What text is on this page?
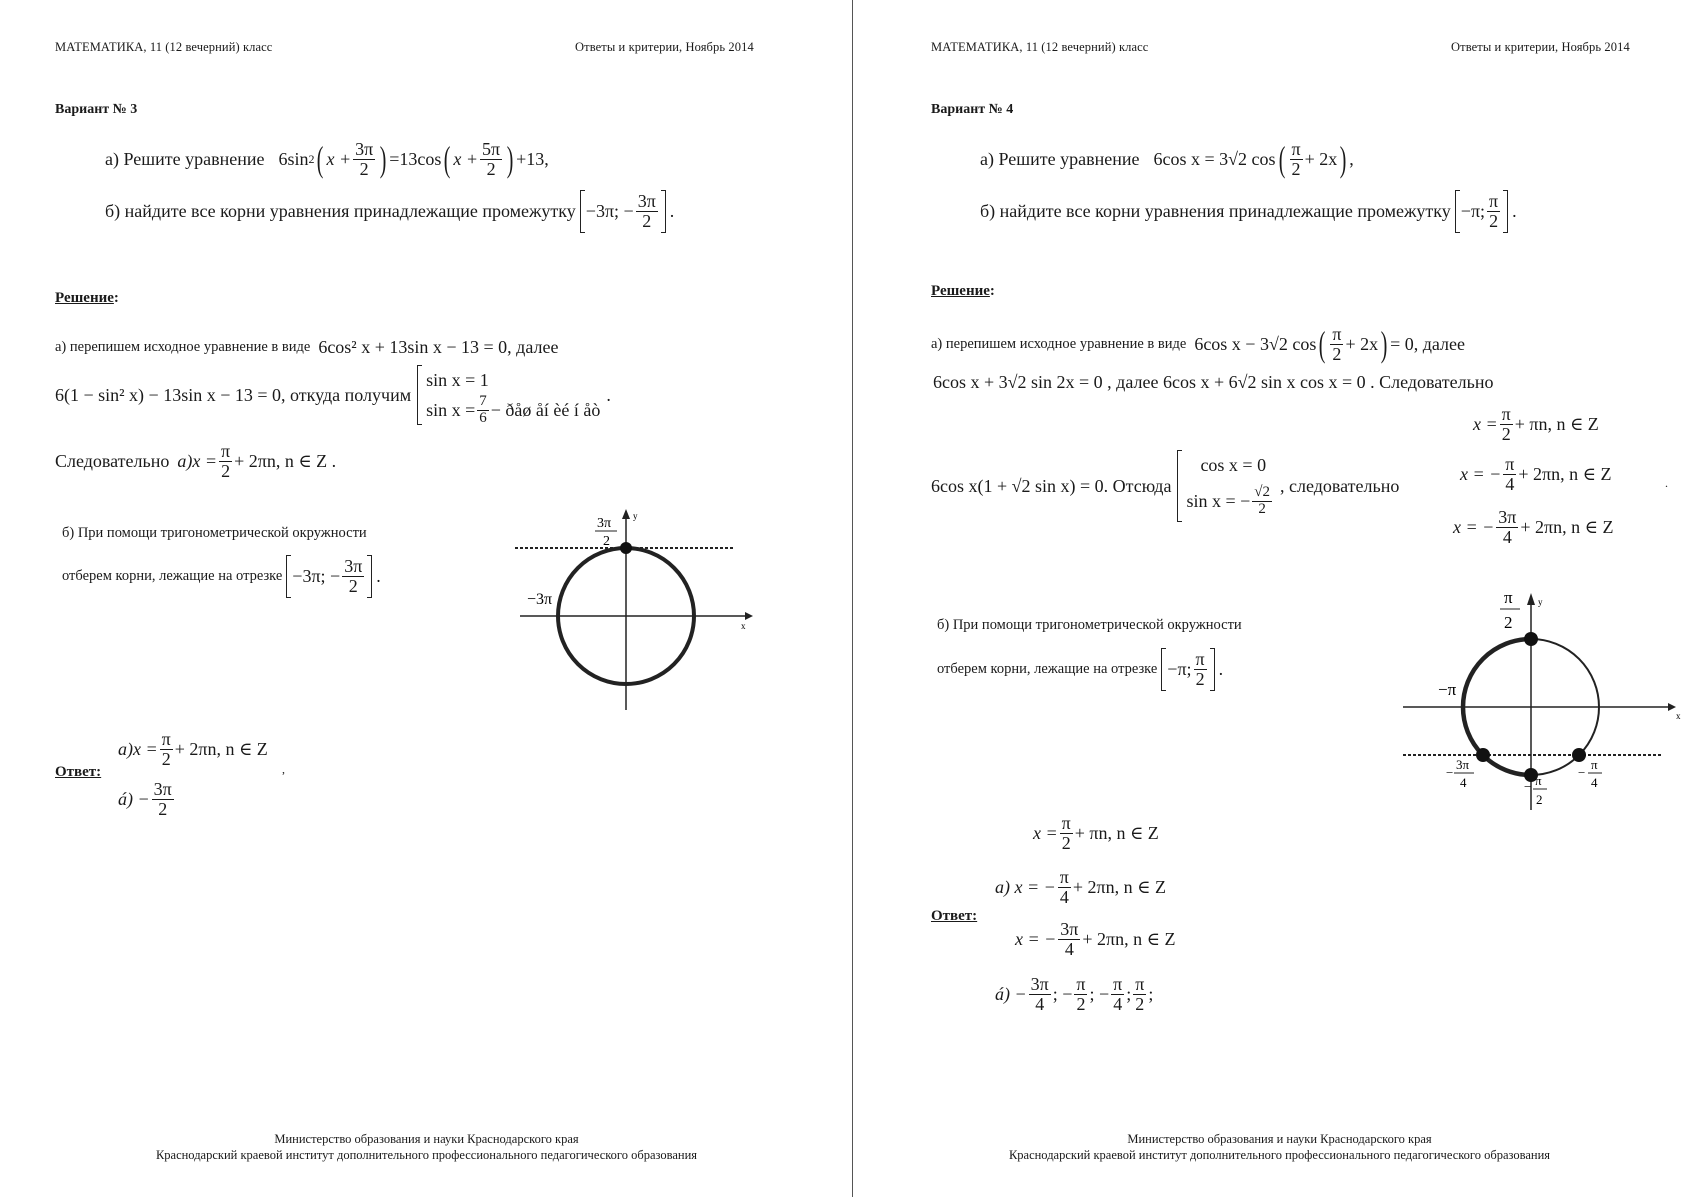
МАТЕМАТИКА, 11 (12 вечерний) класс	Ответы и критерии, Ноябрь 2014
Вариант № 3
а) Решите уравнение 6sin 2 ( $x + \frac{3\pi}{2}$ ) =13cos ( $x + \frac{5\pi}{2}$ ) +13,
б) найдите все корни уравнения принадлежащие промежутку −3π; − $\frac{3\pi}{2}$ .
Решение:
а) перепишем исходное уравнение в виде 6cos² x + 13sin x − 13 = 0 , далее
6(1 − sin² x) − 13sin x − 13 = 0 , откуда получим
sin x = 1
$\sin x = \frac{7}{6}$ − ðåø åí èé í åò
.
Следовательно $а)x = \frac{\pi}{2} + 2\pi n$, n ∈ Z .
б) При помощи тригонометрической окружности
отберем корни, лежащие на отрезке −3π; − $\frac{3\pi}{2}$ .
3π
2
−3π
y
x
Ответ:
$а)x = \frac{\pi}{2} + 2\pi n$, n ∈ Z
,
á) − $\frac{3\pi}{2}$
Министерство образования и науки Краснодарского края
Краснодарский краевой институт дополнительного профессионального педагогического образования
МАТЕМАТИКА, 11 (12 вечерний) класс	Ответы и критерии, Ноябрь 2014
Вариант № 4
а) Решите уравнение 6cos x = 3√2 cos ( $\frac{\pi}{2} + 2x$ ) ,
б) найдите все корни уравнения принадлежащие промежутку −π; $\frac{\pi}{2}$ .
Решение:
а) перепишем исходное уравнение в виде 6cos x − 3√2 cos ( $\frac{\pi}{2} + 2x$ ) = 0 , далее
6cos x + 3√2 sin 2x = 0 , далее 6cos x + 6√2 sin x cos x = 0 . Следовательно
6cos x(1 + √2 sin x) = 0 . Отсюда
cos x = 0
sin x = − $\frac{√2}{2}$ , следовательно
$x = \frac{\pi}{2} + \pi n$, n ∈ Z
x = − $\frac{\pi}{4} + 2\pi n$, n ∈ Z	.
x = − $\frac{3\pi}{4} + 2\pi n$, n ∈ Z
б) При помощи тригонометрической окружности
отберем корни, лежащие на отрезке −π; $\frac{\pi}{2}$ .
π
2
−π
y
x
−
3π
4	− π
2
−
π
4
$x = \frac{\pi}{2} + \pi n$, n ∈ Z
а) x = − $\frac{\pi}{4} + 2\pi n$, n ∈ Z
Ответ:
x = − $\frac{3\pi}{4} + 2\pi n$, n ∈ Z
á) − $\frac{3\pi}{4}$ ; − $\frac{\pi}{2}$ ; − $\frac{\pi}{4}$ ; $\frac{\pi}{2}$ ;
Министерство образования и науки Краснодарского края
Краснодарский краевой институт дополнительного профессионального педагогического образования
